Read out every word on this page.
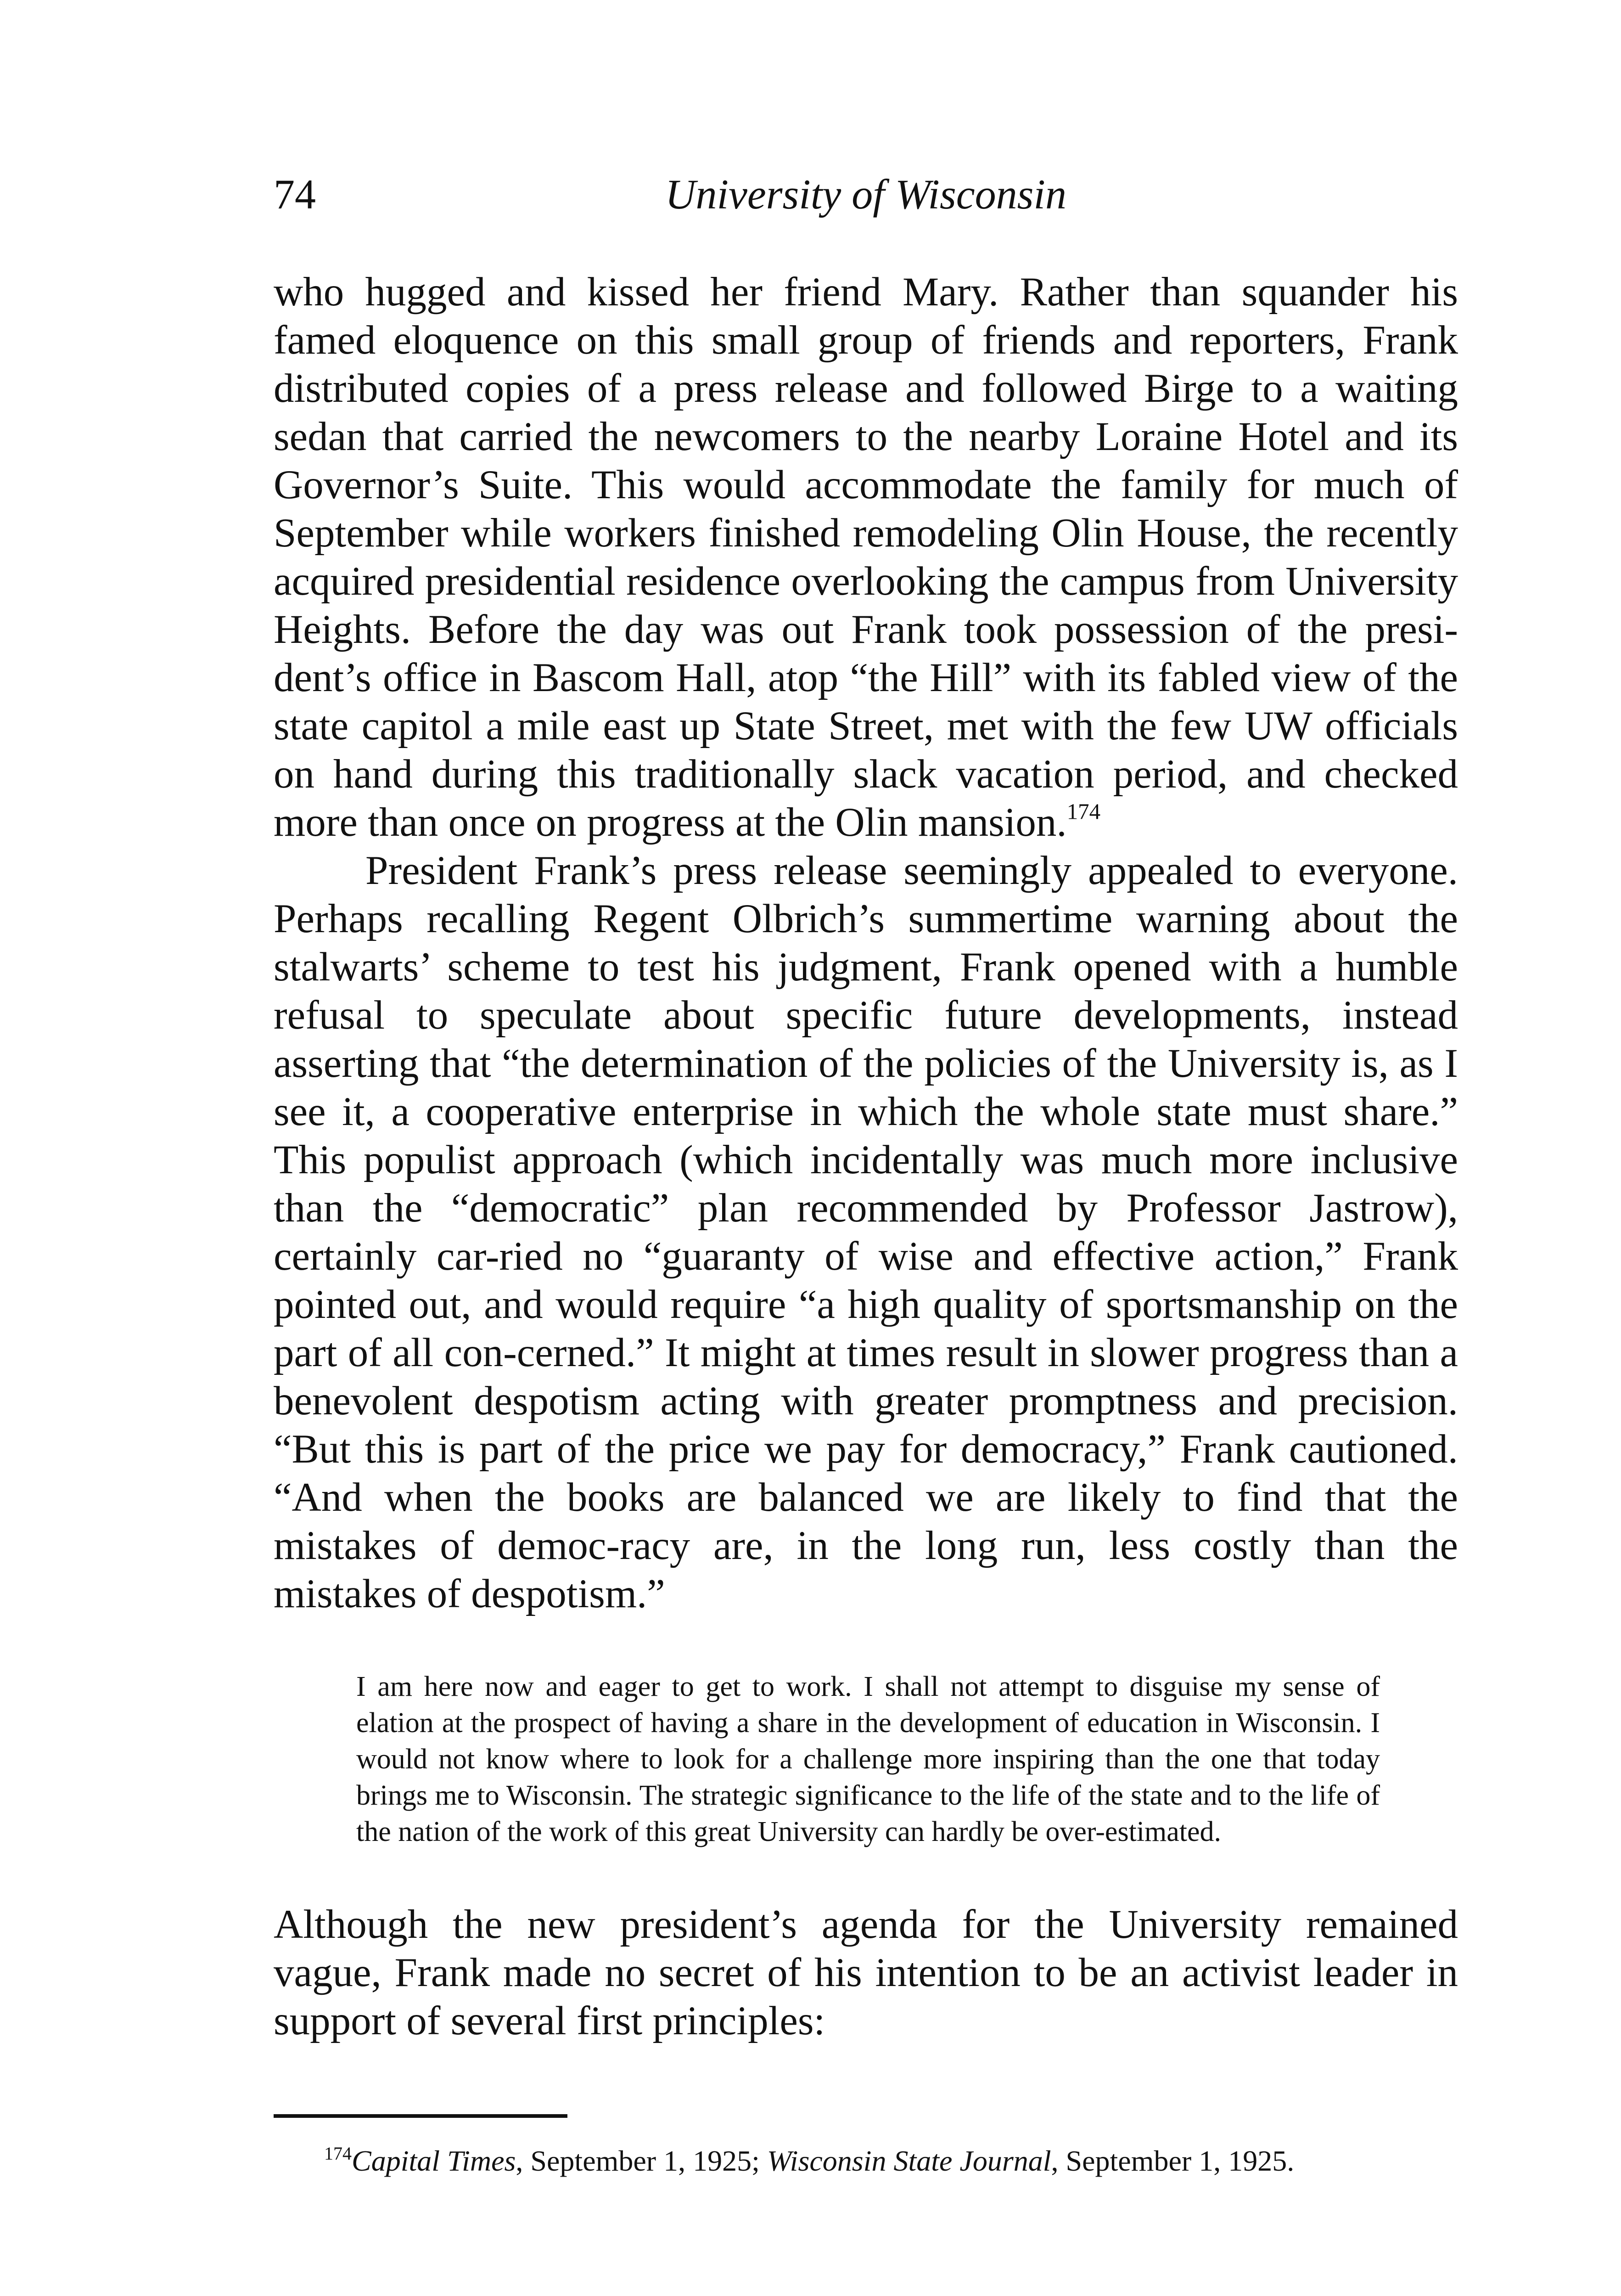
74	University of Wisconsin

who hugged and kissed her friend Mary. Rather than squander his famed eloquence on this small group of friends and reporters, Frank distributed copies of a press release and followed Birge to a waiting sedan that carried the newcomers to the nearby Loraine Hotel and its Governor’s Suite. This would accommodate the family for much of September while workers finished remodeling Olin House, the recently acquired presidential residence overlooking the campus from University Heights. Before the day was out Frank took possession of the presi-dent’s office in Bascom Hall, atop “the Hill” with its fabled view of the state capitol a mile east up State Street, met with the few UW officials on hand during this traditionally slack vacation period, and checked more than once on progress at the Olin mansion.$^{174}$

President Frank’s press release seemingly appealed to everyone. Perhaps recalling Regent Olbrich’s summertime warning about the stalwarts’ scheme to test his judgment, Frank opened with a humble refusal to speculate about specific future developments, instead asserting that “the determination of the policies of the University is, as I see it, a cooperative enterprise in which the whole state must share.” This populist approach (which incidentally was much more inclusive than the “democratic” plan recommended by Professor Jastrow), certainly car-ried no “guaranty of wise and effective action,” Frank pointed out, and would require “a high quality of sportsmanship on the part of all con-cerned.” It might at times result in slower progress than a benevolent despotism acting with greater promptness and precision. “But this is part of the price we pay for democracy,” Frank cautioned. “And when the books are balanced we are likely to find that the mistakes of democ-racy are, in the long run, less costly than the mistakes of despotism.”

I am here now and eager to get to work. I shall not attempt to disguise my sense of elation at the prospect of having a share in the development of education in Wisconsin. I would not know where to look for a challenge more inspiring than the one that today brings me to Wisconsin. The strategic significance to the life of the state and to the life of the nation of the work of this great University can hardly be over-estimated.

Although the new president’s agenda for the University remained vague, Frank made no secret of his intention to be an activist leader in support of several first principles:

$^{174}$Capital Times, September 1, 1925; Wisconsin State Journal, September 1, 1925.
